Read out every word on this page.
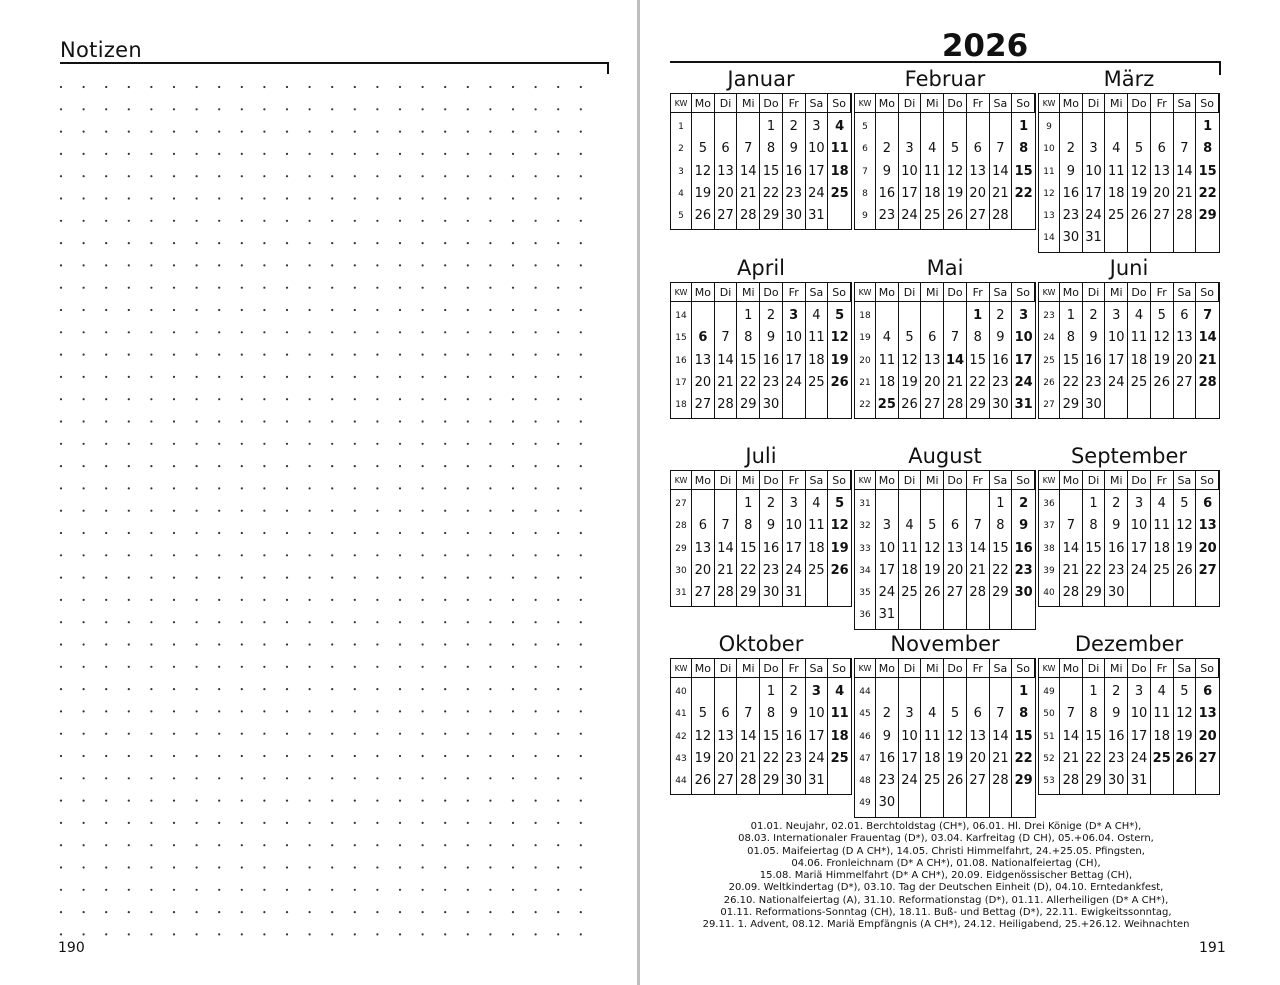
Notizen
190
2026
Januar
KW Mo Di Mi Do Fr Sa So
1
2
3
4
5
5
12
19
26
6
13
20
27
7
14
21
28
1
8
15
22
29
2
9
16
23
30
3
10
17
24
31
4
11
18
25
Februar
KW Mo Di Mi Do Fr Sa So
5
6
7
8
9
2
9
16
23
3
10
17
24
4
11
18
25
5
12
19
26
6
13
20
27
7
14
21
28
1
8
15
22
März
KW Mo Di Mi Do Fr Sa So
9
10
11
12
13
14
2
9
16
23
30
3
10
17
24
31
4
11
18
25
5
12
19
26
6
13
20
27
7
14
21
28
1
8
15
22
29
April
KW Mo Di Mi Do Fr Sa So
14
15
16
17
18
6
13
20
27
7
14
21
28
1
8
15
22
29
2
9
16
23
30
3
10
17
24
4
11
18
25
5
12
19
26
Mai
KW Mo Di Mi Do Fr Sa So
18
19
20
21
22
4
11
18
25
5
12
19
26
6
13
20
27
7
14
21
28
1
8
15
22
29
2
9
16
23
30
3
10
17
24
31
Juni
KW Mo Di Mi Do Fr Sa So
23
24
25
26
27
1
8
15
22
29
2
9
16
23
30
3
10
17
24
4
11
18
25
5
12
19
26
6
13
20
27
7
14
21
28
Juli
KW Mo Di Mi Do Fr Sa So
27
28
29
30
31
6
13
20
27
7
14
21
28
1
8
15
22
29
2
9
16
23
30
3
10
17
24
31
4
11
18
25
5
12
19
26
August
KW Mo Di Mi Do Fr Sa So
31
32
33
34
35
36
3
10
17
24
31
4
11
18
25
5
12
19
26
6
13
20
27
7
14
21
28
1
8
15
22
29
2
9
16
23
30
September
KW Mo Di Mi Do Fr Sa So
36
37
38
39
40
7
14
21
28
1
8
15
22
29
2
9
16
23
30
3
10
17
24
4
11
18
25
5
12
19
26
6
13
20
27
Oktober
KW Mo Di Mi Do Fr Sa So
40
41
42
43
44
5
12
19
26
6
13
20
27
7
14
21
28
1
8
15
22
29
2
9
16
23
30
3
10
17
24
31
4
11
18
25
November
KW Mo Di Mi Do Fr Sa So
44
45
46
47
48
49
2
9
16
23
30
3
10
17
24
4
11
18
25
5
12
19
26
6
13
20
27
7
14
21
28
1
8
15
22
29
Dezember
KW Mo Di Mi Do Fr Sa So
49
50
51
52
53
7
14
21
28
1
8
15
22
29
2
9
16
23
30
3
10
17
24
31
4
11
18
25
5
12
19
26
6
13
20
27
01.01. Neujahr, 02.01. Berchtoldstag (CH*), 06.01. Hl. Drei Könige (D* A CH*),
08.03. Internationaler Frauentag (D*), 03.04. Karfreitag (D CH), 05.+06.04. Ostern,
01.05. Maifeiertag (D A CH*), 14.05. Christi Himmelfahrt, 24.+25.05. Pfingsten,
04.06. Fronleichnam (D* A CH*), 01.08. Nationalfeiertag (CH),
15.08. Mariä Himmelfahrt (D* A CH*), 20.09. Eidgenössischer Bettag (CH),
20.09. Weltkindertag (D*), 03.10. Tag der Deutschen Einheit (D), 04.10. Erntedankfest,
26.10. Nationalfeiertag (A), 31.10. Reformationstag (D*), 01.11. Allerheiligen (D* A CH*),
01.11. Reformations-Sonntag (CH), 18.11. Buß- und Bettag (D*), 22.11. Ewigkeitssonntag,
29.11. 1. Advent, 08.12. Mariä Empfängnis (A CH*), 24.12. Heiligabend, 25.+26.12. Weihnachten
191
